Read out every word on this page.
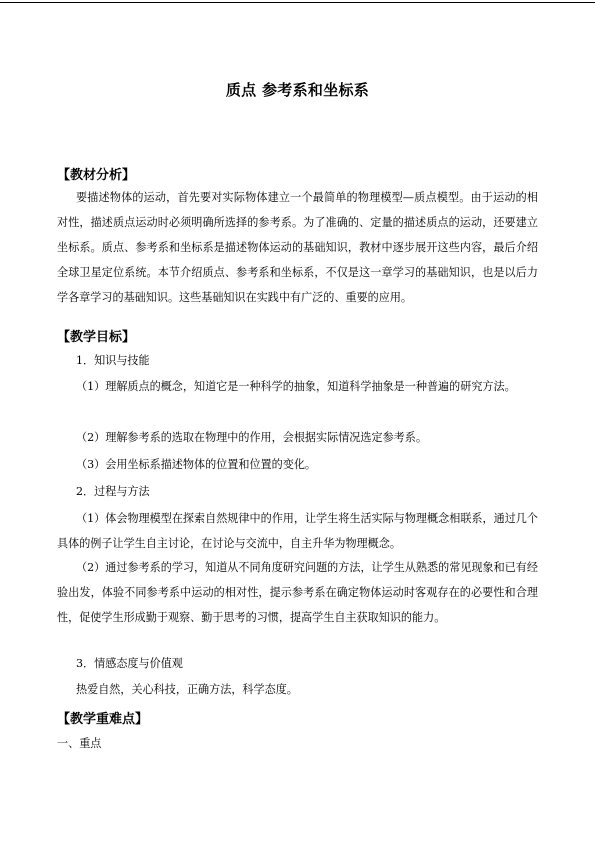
质点 参考系和坐标系
【教材分析】

要描述物体的运动，首先要对实际物体建立一个最简单的物理模型—质点模型。由于运动的相对性，描述质点运动时必须明确所选择的参考系。为了准确的、定量的描述质点的运动，还要建立坐标系。质点、参考系和坐标系是描述物体运动的基础知识，教材中逐步展开这些内容，最后介绍全球卫星定位系统。本节介绍质点、参考系和坐标系，不仅是这一章学习的基础知识，也是以后力学各章学习的基础知识。这些基础知识在实践中有广泛的、重要的应用。

【教学目标】
1．知识与技能

（1）理解质点的概念，知道它是一种科学的抽象，知道科学抽象是一种普遍的研究方法。

（2）理解参考系的选取在物理中的作用，会根据实际情况选定参考系。
（3）会用坐标系描述物体的位置和位置的变化。
2．过程与方法

（1）体会物理模型在探索自然规律中的作用，让学生将生活实际与物理概念相联系，通过几个具体的例子让学生自主讨论，在讨论与交流中，自主升华为物理概念。

（2）通过参考系的学习，知道从不同角度研究问题的方法，让学生从熟悉的常见现象和已有经验出发，体验不同参考系中运动的相对性，提示参考系在确定物体运动时客观存在的必要性和合理性，促使学生形成勤于观察、勤于思考的习惯，提高学生自主获取知识的能力。

3．情感态度与价值观
热爱自然，关心科技，正确方法，科学态度。
【教学重难点】
一、重点
